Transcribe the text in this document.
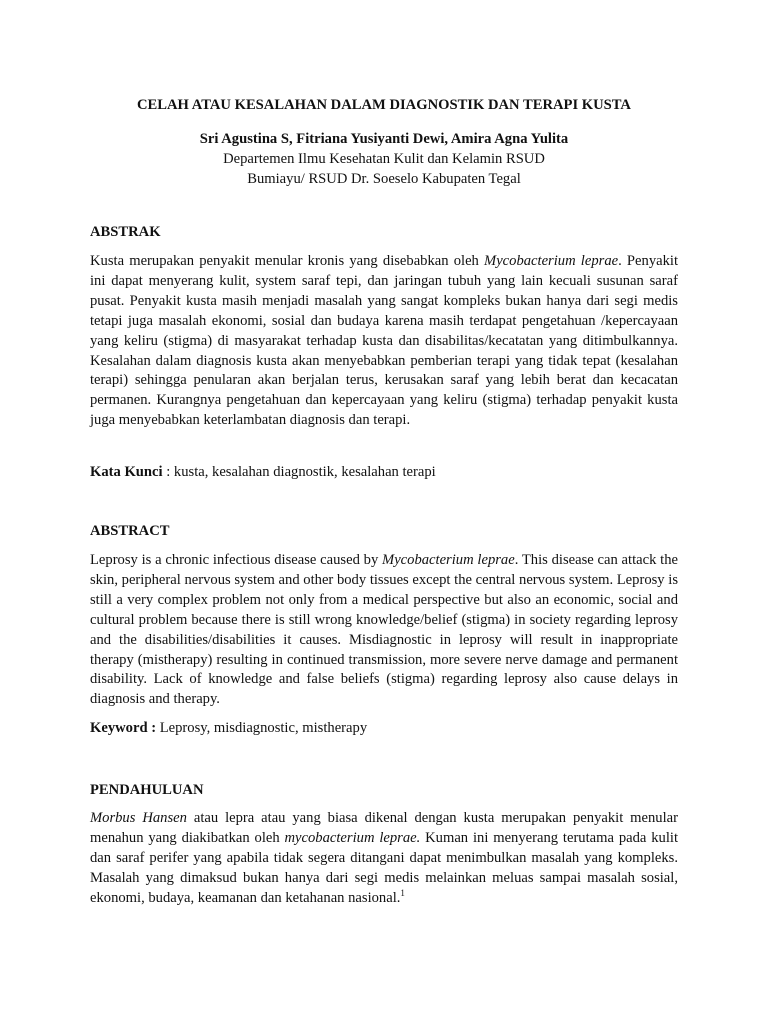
CELAH ATAU KESALAHAN DALAM DIAGNOSTIK DAN TERAPI KUSTA
Sri Agustina S, Fitriana Yusiyanti Dewi, Amira Agna Yulita
Departemen Ilmu Kesehatan Kulit dan Kelamin RSUD
Bumiayu/ RSUD Dr. Soeselo Kabupaten Tegal
ABSTRAK

Kusta merupakan penyakit menular kronis yang disebabkan oleh Mycobacterium leprae. Penyakit ini dapat menyerang kulit, system saraf tepi, dan jaringan tubuh yang lain kecuali susunan saraf pusat. Penyakit kusta masih menjadi masalah yang sangat kompleks bukan hanya dari segi medis tetapi juga masalah ekonomi, sosial dan budaya karena masih terdapat pengetahuan /kepercayaan yang keliru (stigma) di masyarakat terhadap kusta dan disabilitas/kecatatan yang ditimbulkannya. Kesalahan dalam diagnosis kusta akan menyebabkan pemberian terapi yang tidak tepat (kesalahan terapi) sehingga penularan akan berjalan terus, kerusakan saraf yang lebih berat dan kecacatan permanen. Kurangnya pengetahuan dan kepercayaan yang keliru (stigma) terhadap penyakit kusta juga menyebabkan keterlambatan diagnosis dan terapi.

Kata Kunci : kusta, kesalahan diagnostik, kesalahan terapi
ABSTRACT

Leprosy is a chronic infectious disease caused by Mycobacterium leprae. This disease can attack the skin, peripheral nervous system and other body tissues except the central nervous system. Leprosy is still a very complex problem not only from a medical perspective but also an economic, social and cultural problem because there is still wrong knowledge/belief (stigma) in society regarding leprosy and the disabilities/disabilities it causes. Misdiagnostic in leprosy will result in inappropriate therapy (mistherapy) resulting in continued transmission, more severe nerve damage and permanent disability. Lack of knowledge and false beliefs (stigma) regarding leprosy also cause delays in diagnosis and therapy.

Keyword : Leprosy, misdiagnostic, mistherapy
PENDAHULUAN

Morbus Hansen atau lepra atau yang biasa dikenal dengan kusta merupakan penyakit menular menahun yang diakibatkan oleh mycobacterium leprae. Kuman ini menyerang terutama pada kulit dan saraf perifer yang apabila tidak segera ditangani dapat menimbulkan masalah yang kompleks. Masalah yang dimaksud bukan hanya dari segi medis melainkan meluas sampai masalah sosial, ekonomi, budaya, keamanan dan ketahanan nasional.$^1$
